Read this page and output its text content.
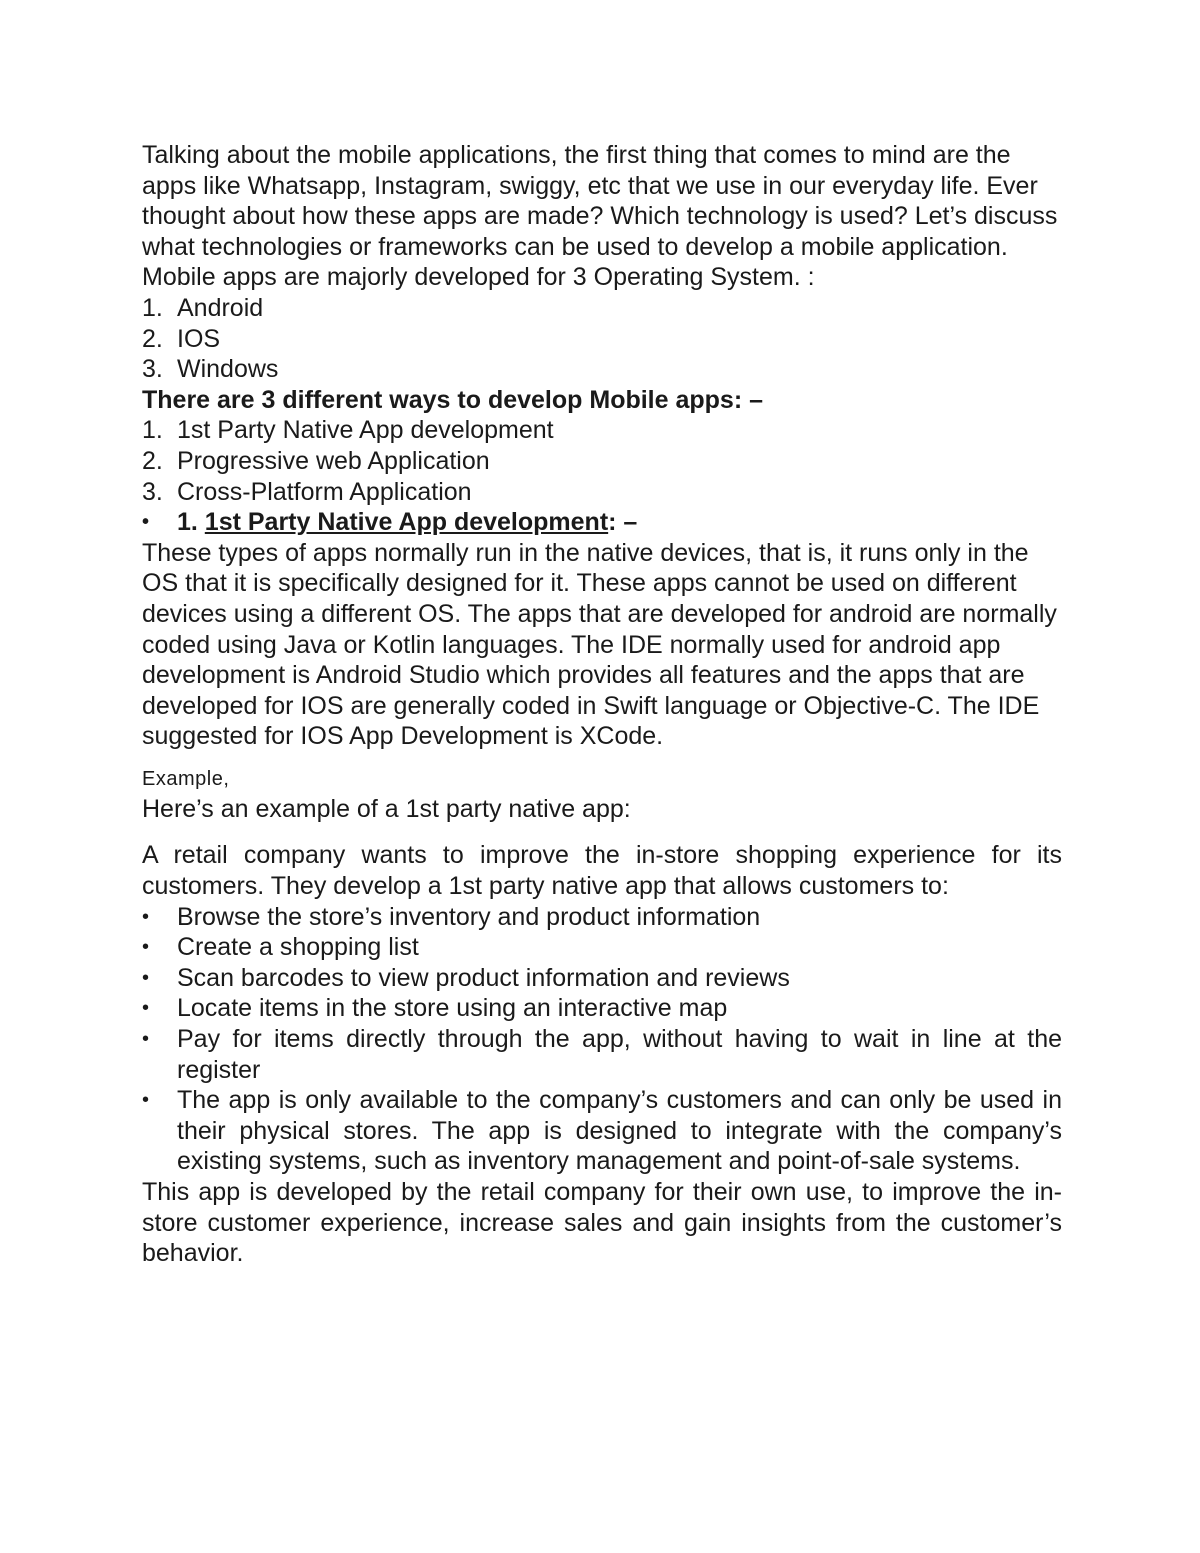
Talking about the mobile applications, the first thing that comes to mind are the apps like Whatsapp, Instagram, swiggy, etc that we use in our everyday life. Ever thought about how these apps are made? Which technology is used? Let’s discuss what technologies or frameworks can be used to develop a mobile application. Mobile apps are majorly developed for 3 Operating System. :

1. Android
2. IOS
3. Windows

There are 3 different ways to develop Mobile apps: –

1. 1st Party Native App development
2. Progressive web Application
3. Cross-Platform Application
• 1. 1st Party Native App development: –

These types of apps normally run in the native devices, that is, it runs only in the OS that it is specifically designed for it. These apps cannot be used on different devices using a different OS. The apps that are developed for android are normally coded using Java or Kotlin languages. The IDE normally used for android app development is Android Studio which provides all features and the apps that are developed for IOS are generally coded in Swift language or Objective-C. The IDE suggested for IOS App Development is XCode.

Example,

Here’s an example of a 1st party native app:

A retail company wants to improve the in-store shopping experience for its customers. They develop a 1st party native app that allows customers to:

• Browse the store’s inventory and product information
• Create a shopping list
• Scan barcodes to view product information and reviews
• Locate items in the store using an interactive map
• Pay for items directly through the app, without having to wait in line at the register
• The app is only available to the company’s customers and can only be used in their physical stores. The app is designed to integrate with the company’s existing systems, such as inventory management and point-of-sale systems.

This app is developed by the retail company for their own use, to improve the in-store customer experience, increase sales and gain insights from the customer’s behavior.
